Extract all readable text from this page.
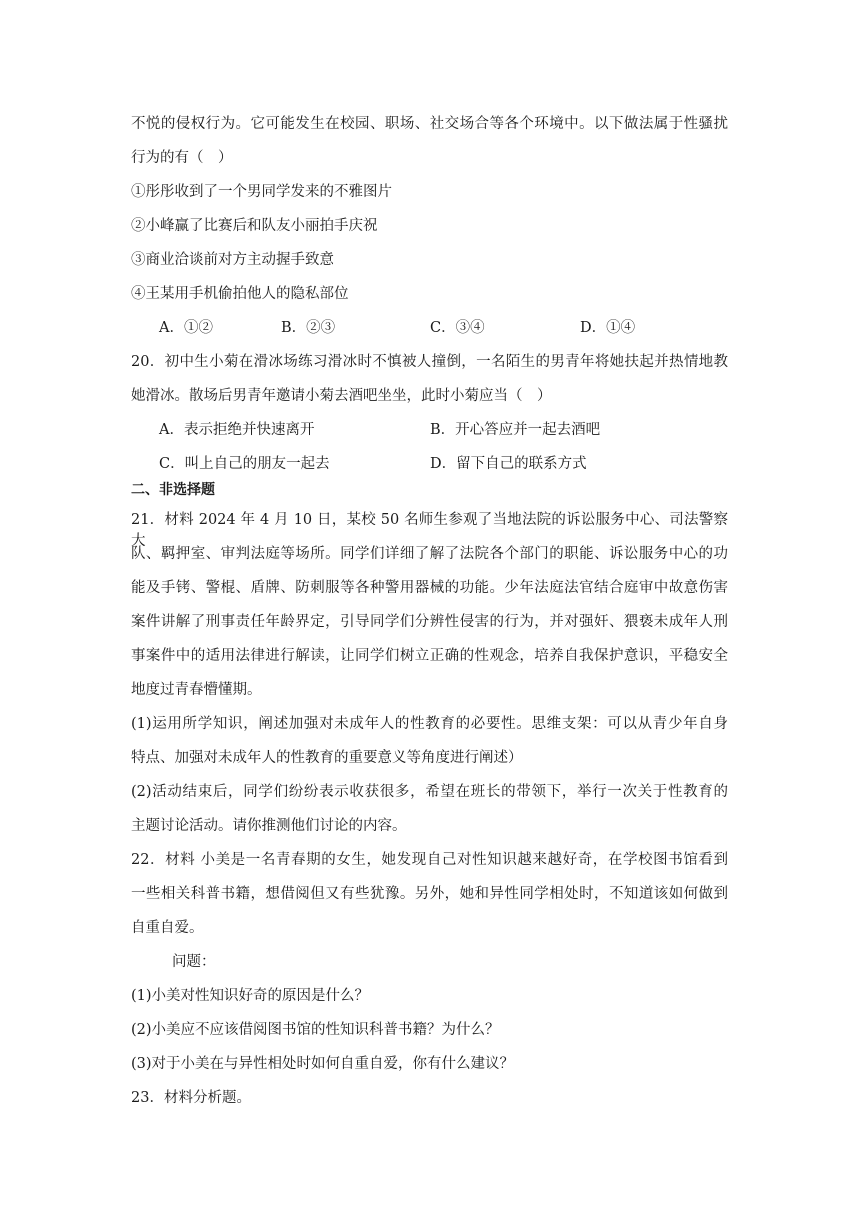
不悦的侵权行为。它可能发生在校园、职场、社交场合等各个环境中。以下做法属于性骚扰
行为的有（　）
①彤彤收到了一个男同学发来的不雅图片
②小峰赢了比赛后和队友小丽拍手庆祝
③商业洽谈前对方主动握手致意
④王某用手机偷拍他人的隐私部位
A．①②	B．②③	C．③④	D．①④
20．初中生小菊在滑冰场练习滑冰时不慎被人撞倒，一名陌生的男青年将她扶起并热情地教
她滑冰。散场后男青年邀请小菊去酒吧坐坐，此时小菊应当（　）
A．表示拒绝并快速离开	B．开心答应并一起去酒吧
C．叫上自己的朋友一起去	D．留下自己的联系方式
二、非选择题
21．材料 2024 年 4 月 10 日，某校 50 名师生参观了当地法院的诉讼服务中心、司法警察大
队、羁押室、审判法庭等场所。同学们详细了解了法院各个部门的职能、诉讼服务中心的功
能及手铐、警棍、盾牌、防刺服等各种警用器械的功能。少年法庭法官结合庭审中故意伤害
案件讲解了刑事责任年龄界定，引导同学们分辨性侵害的行为，并对强奸、猥亵未成年人刑
事案件中的适用法律进行解读，让同学们树立正确的性观念，培养自我保护意识，平稳安全
地度过青春懵懂期。
(1)运用所学知识，阐述加强对未成年人的性教育的必要性。思维支架：可以从青少年自身
特点、加强对未成年人的性教育的重要意义等角度进行阐述）
(2)活动结束后，同学们纷纷表示收获很多，希望在班长的带领下，举行一次关于性教育的
主题讨论活动。请你推测他们讨论的内容。
22．材料 小美是一名青春期的女生，她发现自己对性知识越来越好奇，在学校图书馆看到
一些相关科普书籍，想借阅但又有些犹豫。另外，她和异性同学相处时，不知道该如何做到
自重自爱。
问题：
(1)小美对性知识好奇的原因是什么？
(2)小美应不应该借阅图书馆的性知识科普书籍？为什么？
(3)对于小美在与异性相处时如何自重自爱，你有什么建议？
23．材料分析题。
